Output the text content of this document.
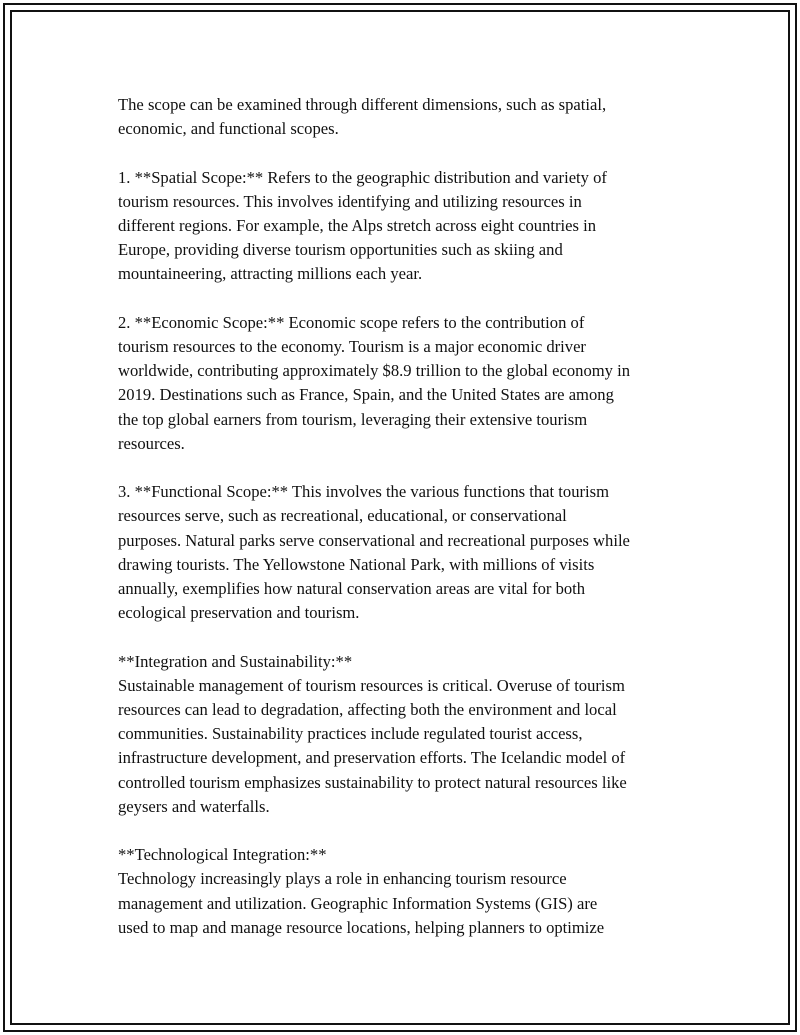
The scope can be examined through different dimensions, such as spatial,
economic, and functional scopes.

1. **Spatial Scope:** Refers to the geographic distribution and variety of
tourism resources. This involves identifying and utilizing resources in
different regions. For example, the Alps stretch across eight countries in
Europe, providing diverse tourism opportunities such as skiing and
mountaineering, attracting millions each year.

2. **Economic Scope:** Economic scope refers to the contribution of
tourism resources to the economy. Tourism is a major economic driver
worldwide, contributing approximately $8.9 trillion to the global economy in
2019. Destinations such as France, Spain, and the United States are among
the top global earners from tourism, leveraging their extensive tourism
resources.

3. **Functional Scope:** This involves the various functions that tourism
resources serve, such as recreational, educational, or conservational
purposes. Natural parks serve conservational and recreational purposes while
drawing tourists. The Yellowstone National Park, with millions of visits
annually, exemplifies how natural conservation areas are vital for both
ecological preservation and tourism.

**Integration and Sustainability:**

Sustainable management of tourism resources is critical. Overuse of tourism
resources can lead to degradation, affecting both the environment and local
communities. Sustainability practices include regulated tourist access,
infrastructure development, and preservation efforts. The Icelandic model of
controlled tourism emphasizes sustainability to protect natural resources like
geysers and waterfalls.

**Technological Integration:**

Technology increasingly plays a role in enhancing tourism resource
management and utilization. Geographic Information Systems (GIS) are
used to map and manage resource locations, helping planners to optimize
